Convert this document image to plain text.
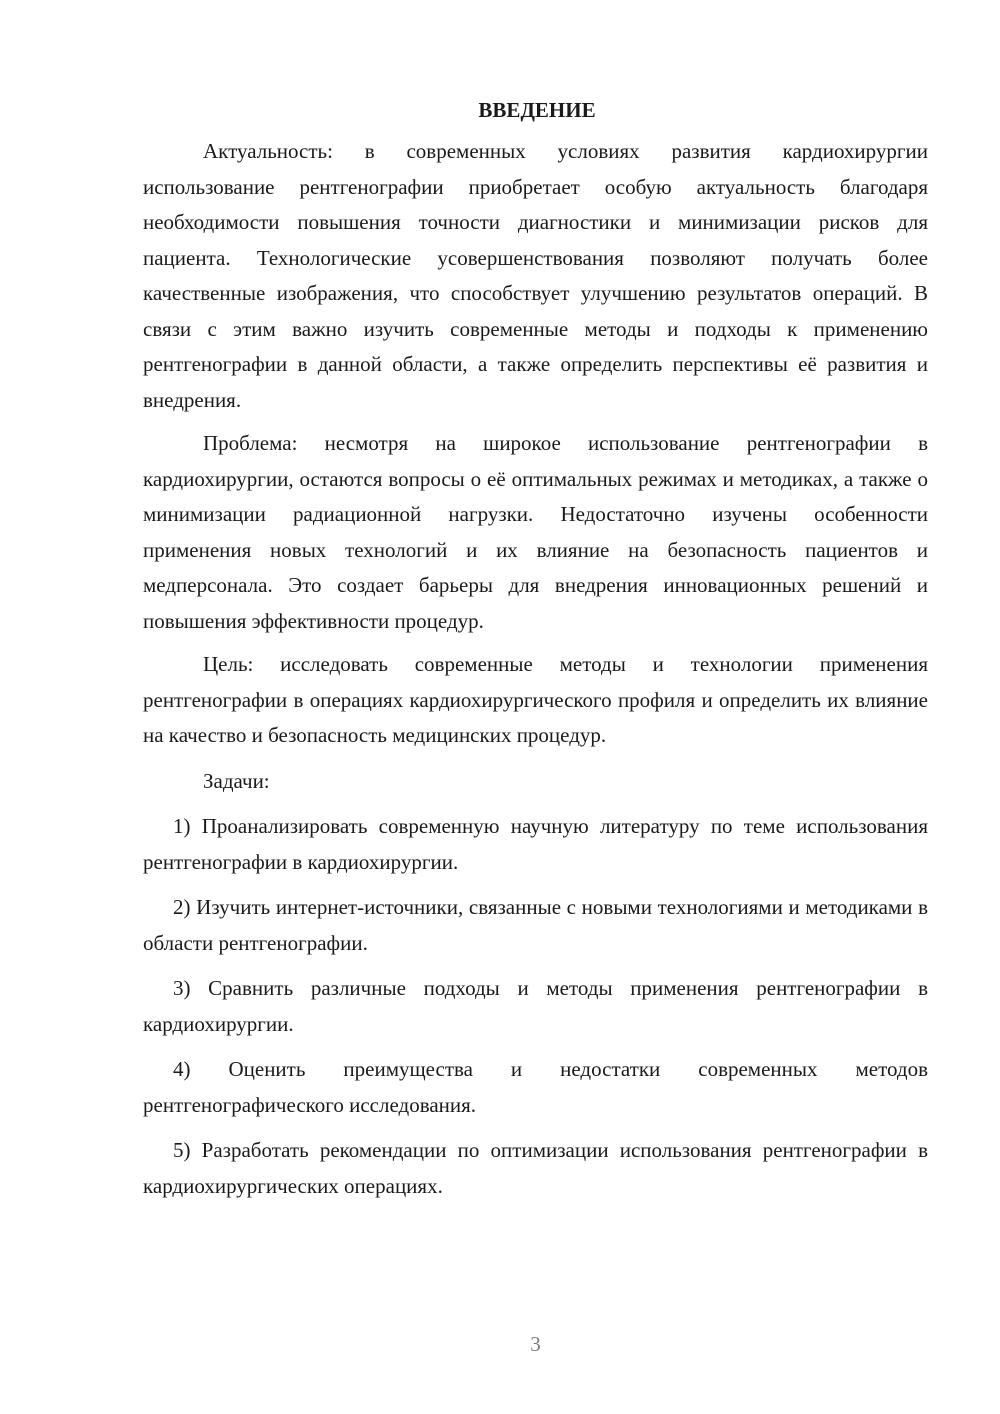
ВВЕДЕНИЕ

Актуальность: в современных условиях развития кардиохирургии использование рентгенографии приобретает особую актуальность благодаря необходимости повышения точности диагностики и минимизации рисков для пациента. Технологические усовершенствования позволяют получать более качественные изображения, что способствует улучшению результатов операций. В связи с этим важно изучить современные методы и подходы к применению рентгенографии в данной области, а также определить перспективы её развития и внедрения.

Проблема: несмотря на широкое использование рентгенографии в кардиохирургии, остаются вопросы о её оптимальных режимах и методиках, а также о минимизации радиационной нагрузки. Недостаточно изучены особенности применения новых технологий и их влияние на безопасность пациентов и медперсонала. Это создает барьеры для внедрения инновационных решений и повышения эффективности процедур.

Цель: исследовать современные методы и технологии применения рентгенографии в операциях кардиохирургического профиля и определить их влияние на качество и безопасность медицинских процедур.

Задачи:

1) Проанализировать современную научную литературу по теме использования рентгенографии в кардиохирургии.

2) Изучить интернет-источники, связанные с новыми технологиями и методиками в области рентгенографии.

3) Сравнить различные подходы и методы применения рентгенографии в кардиохирургии.

4) Оценить преимущества и недостатки современных методов рентгенографического исследования.

5) Разработать рекомендации по оптимизации использования рентгенографии в кардиохирургических операциях.

3
